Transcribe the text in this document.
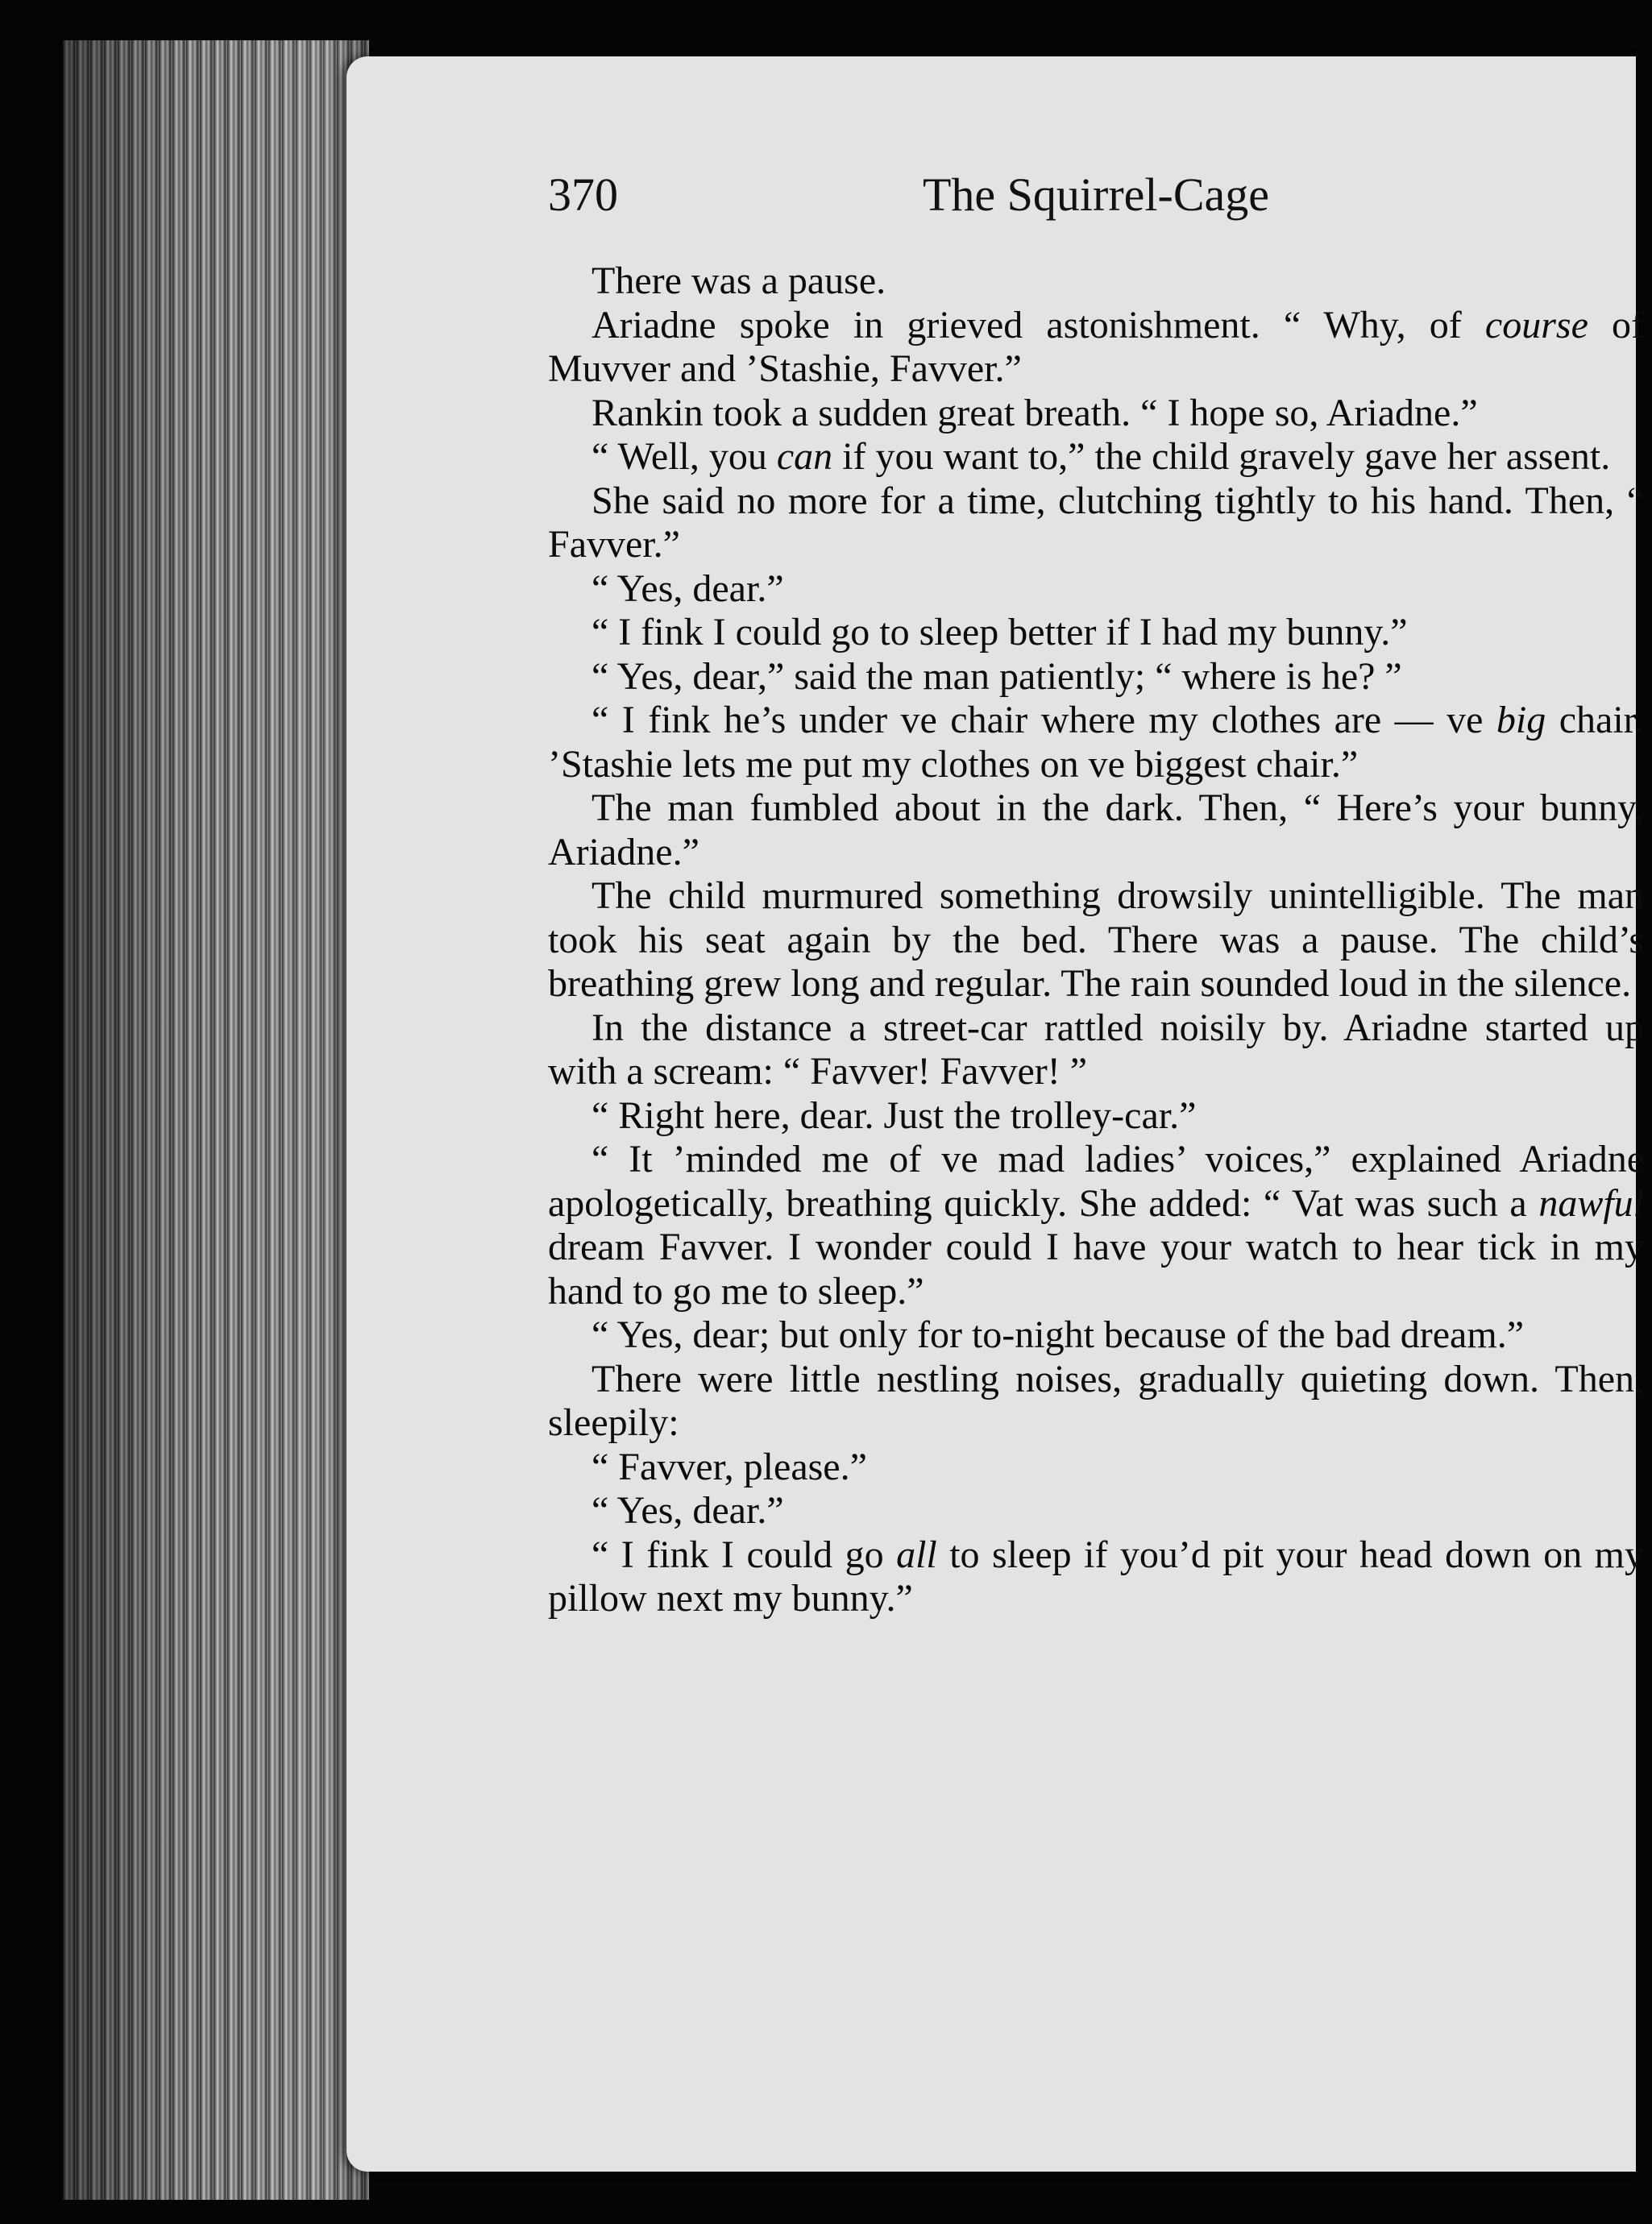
370	The Squirrel-Cage

There was a pause.

Ariadne spoke in grieved astonishment. “ Why, of course of Muvver and ’Stashie, Favver.”

Rankin took a sudden great breath. “ I hope so, Ariadne.”

“ Well, you can if you want to,” the child gravely gave her assent.

She said no more for a time, clutching tightly to his hand. Then, “ Favver.”

“ Yes, dear.”

“ I fink I could go to sleep better if I had my bunny.”

“ Yes, dear,” said the man patiently; “ where is he? ”

“ I fink he’s under ve chair where my clothes are — ve big chair. ’Stashie lets me put my clothes on ve biggest chair.”

The man fumbled about in the dark. Then, “ Here’s your bunny, Ariadne.”

The child murmured something drowsily unintelligible. The man took his seat again by the bed. There was a pause. The child’s breathing grew long and regular. The rain sounded loud in the silence.

In the distance a street-car rattled noisily by. Ariadne started up with a scream: “ Favver! Favver! ”

“ Right here, dear. Just the trolley-car.”

“ It ’minded me of ve mad ladies’ voices,” explained Ariadne apologetically, breathing quickly. She added: “ Vat was such a nawful dream Favver. I wonder could I have your watch to hear tick in my hand to go me to sleep.”

“ Yes, dear; but only for to-night because of the bad dream.”

There were little nestling noises, gradually quieting down. Then, sleepily:

“ Favver, please.”

“ Yes, dear.”

“ I fink I could go all to sleep if you’d pit your head down on my pillow next my bunny.”
